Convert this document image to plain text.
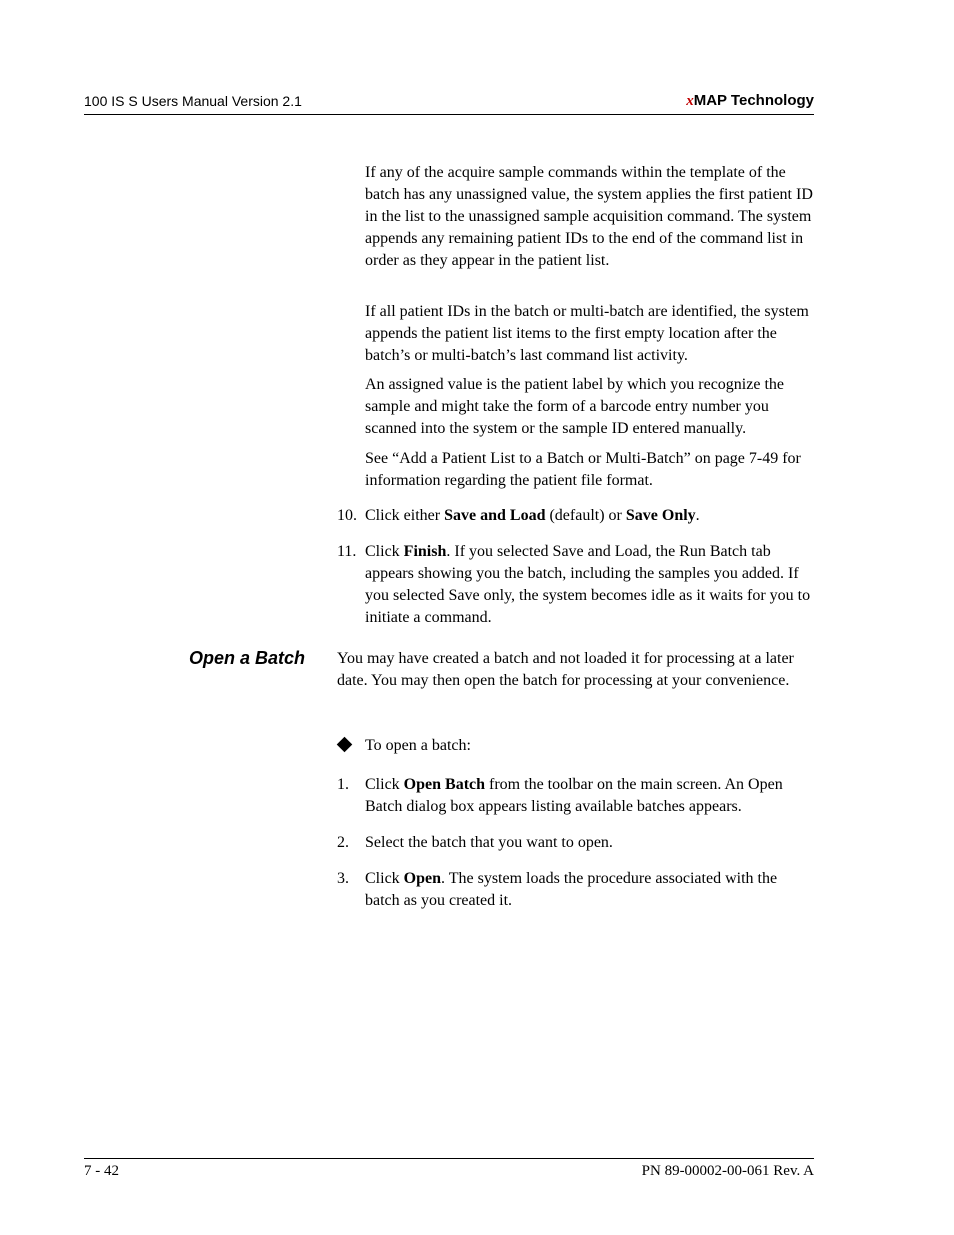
100 IS S Users Manual Version 2.1	xMAP Technology
If any of the acquire sample commands within the template of the batch has any unassigned value, the system applies the first patient ID in the list to the unassigned sample acquisition command. The system appends any remaining patient IDs to the end of the command list in order as they appear in the patient list.
If all patient IDs in the batch or multi-batch are identified, the system appends the patient list items to the first empty location after the batch’s or multi-batch’s last command list activity.
An assigned value is the patient label by which you recognize the sample and might take the form of a barcode entry number you scanned into the system or the sample ID entered manually.
See “Add a Patient List to a Batch or Multi-Batch” on page 7-49 for information regarding the patient file format.
10. Click either Save and Load (default) or Save Only.
11. Click Finish. If you selected Save and Load, the Run Batch tab appears showing you the batch, including the samples you added. If you selected Save only, the system becomes idle as it waits for you to initiate a command.
Open a Batch You may have created a batch and not loaded it for processing at a later date. You may then open the batch for processing at your convenience.
To open a batch:
1. Click Open Batch from the toolbar on the main screen. An Open Batch dialog box appears listing available batches appears.
2. Select the batch that you want to open.
3. Click Open. The system loads the procedure associated with the batch as you created it.
7 - 42	PN 89-00002-00-061 Rev. A
